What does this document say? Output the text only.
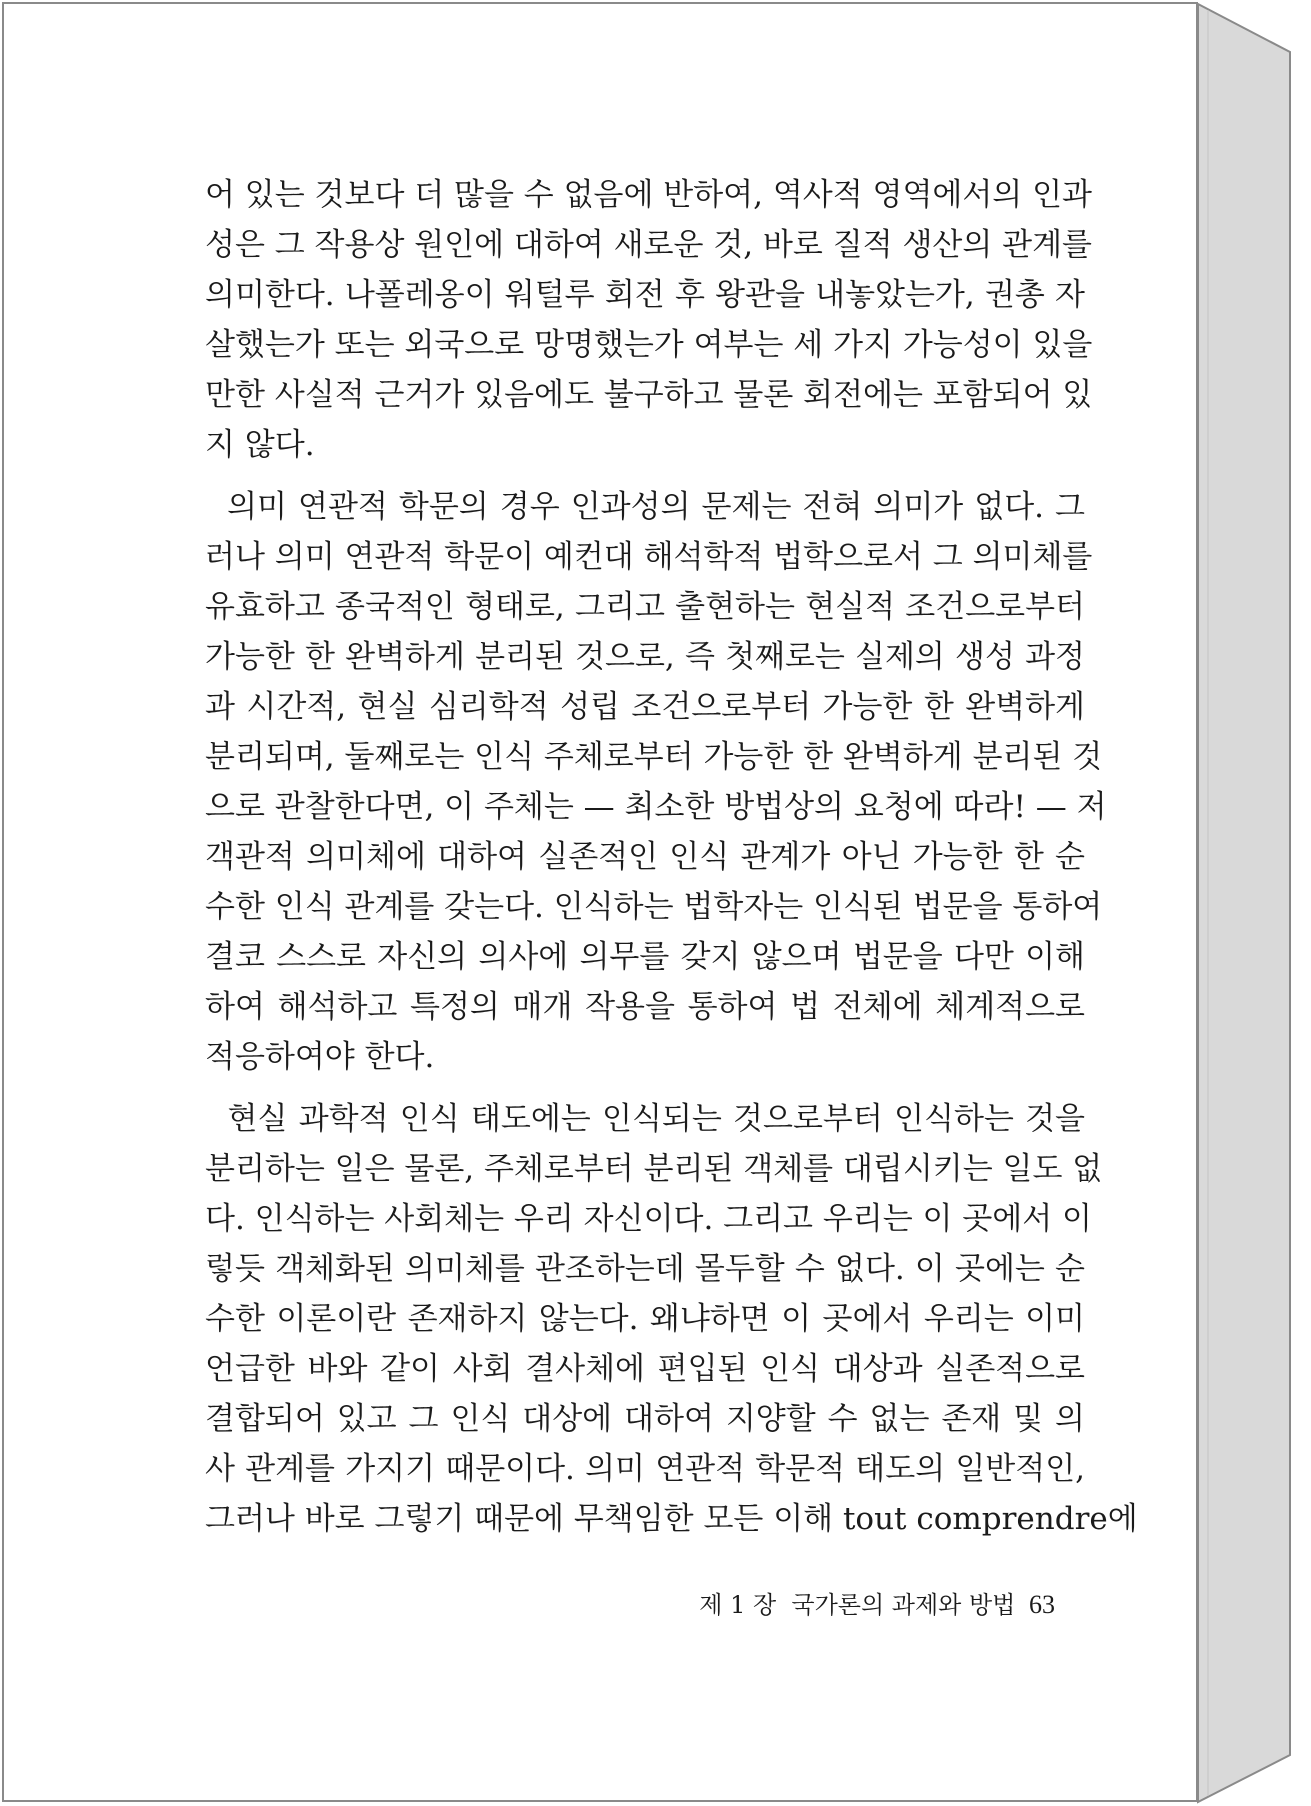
어 있는 것보다 더 많을 수 없음에 반하여, 역사적 영역에서의 인과
성은 그 작용상 원인에 대하여 새로운 것, 바로 질적 생산의 관계를
의미한다. 나폴레옹이 워털루 회전 후 왕관을 내놓았는가, 권총 자
살했는가 또는 외국으로 망명했는가 여부는 세 가지 가능성이 있을
만한 사실적 근거가 있음에도 불구하고 물론 회전에는 포함되어 있
지 않다.
의미 연관적 학문의 경우 인과성의 문제는 전혀 의미가 없다. 그
러나 의미 연관적 학문이 예컨대 해석학적 법학으로서 그 의미체를
유효하고 종국적인 형태로, 그리고 출현하는 현실적 조건으로부터
가능한 한 완벽하게 분리된 것으로, 즉 첫째로는 실제의 생성 과정
과 시간적, 현실 심리학적 성립 조건으로부터 가능한 한 완벽하게
분리되며, 둘째로는 인식 주체로부터 가능한 한 완벽하게 분리된 것
으로 관찰한다면, 이 주체는 — 최소한 방법상의 요청에 따라! — 저
객관적 의미체에 대하여 실존적인 인식 관계가 아닌 가능한 한 순
수한 인식 관계를 갖는다. 인식하는 법학자는 인식된 법문을 통하여
결코 스스로 자신의 의사에 의무를 갖지 않으며 법문을 다만 이해
하여 해석하고 특정의 매개 작용을 통하여 법 전체에 체계적으로
적응하여야 한다.
현실 과학적 인식 태도에는 인식되는 것으로부터 인식하는 것을
분리하는 일은 물론, 주체로부터 분리된 객체를 대립시키는 일도 없
다. 인식하는 사회체는 우리 자신이다. 그리고 우리는 이 곳에서 이
렇듯 객체화된 의미체를 관조하는데 몰두할 수 없다. 이 곳에는 순
수한 이론이란 존재하지 않는다. 왜냐하면 이 곳에서 우리는 이미
언급한 바와 같이 사회 결사체에 편입된 인식 대상과 실존적으로
결합되어 있고 그 인식 대상에 대하여 지양할 수 없는 존재 및 의
사 관계를 가지기 때문이다. 의미 연관적 학문적 태도의 일반적인,
그러나 바로 그렇기 때문에 무책임한 모든 이해 tout comprendre에
제 1 장  국가론의 과제와 방법 63
